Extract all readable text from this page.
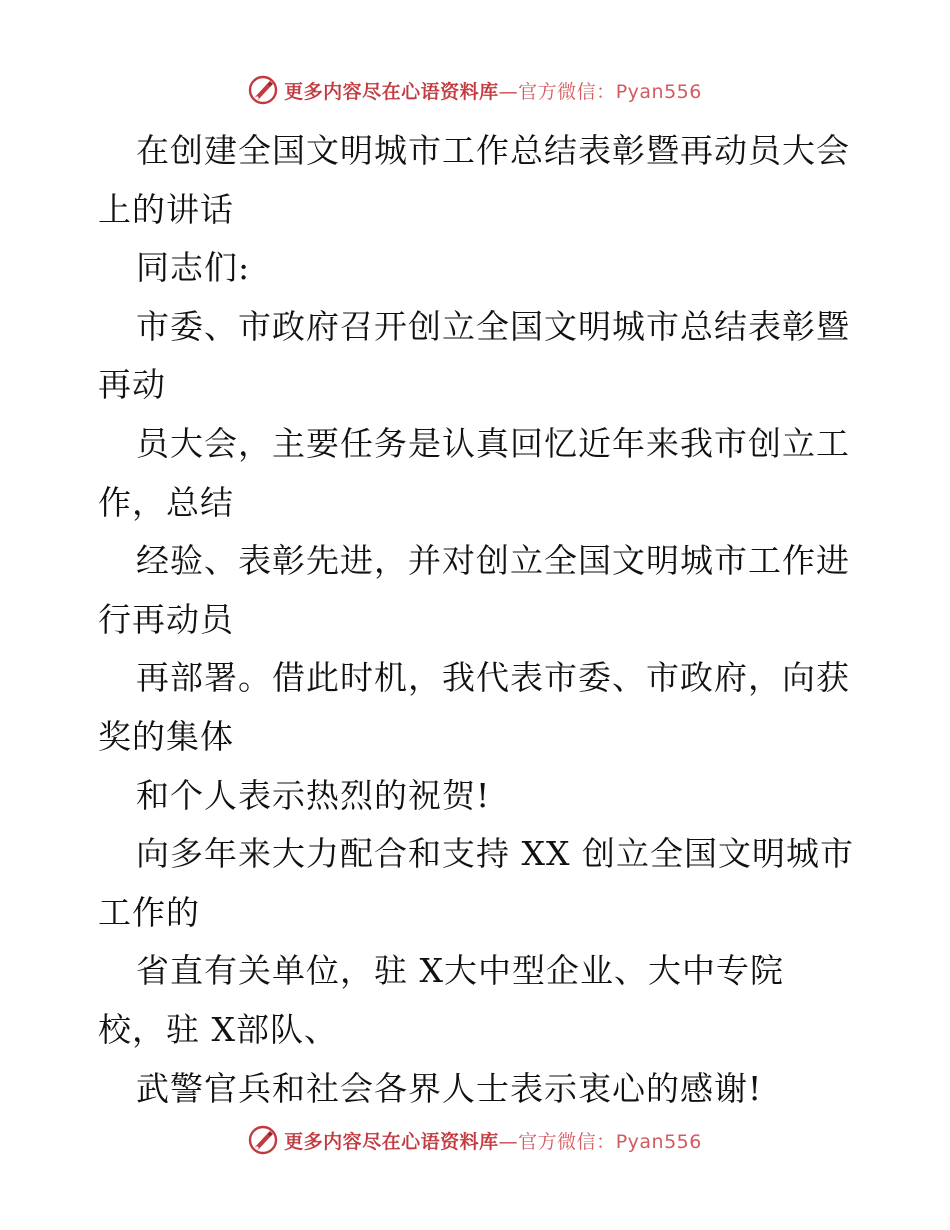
更多内容尽在心语资料库—官方微信：Pyan556
在创建全国文明城市工作总结表彰暨再动员大会
上的讲话
同志们:
市委、市政府召开创立全国文明城市总结表彰暨
再动
员大会，主要任务是认真回忆近年来我市创立工
作，总结
经验、表彰先进，并对创立全国文明城市工作进
行再动员
再部署。借此时机，我代表市委、市政府，向获
奖的集体
和个人表示热烈的祝贺!
向多年来大力配合和支持 XX 创立全国文明城市
工作的
省直有关单位，驻 X大中型企业、大中专院
校，驻 X部队、
武警官兵和社会各界人士表示衷心的感谢!
更多内容尽在心语资料库—官方微信：Pyan556
